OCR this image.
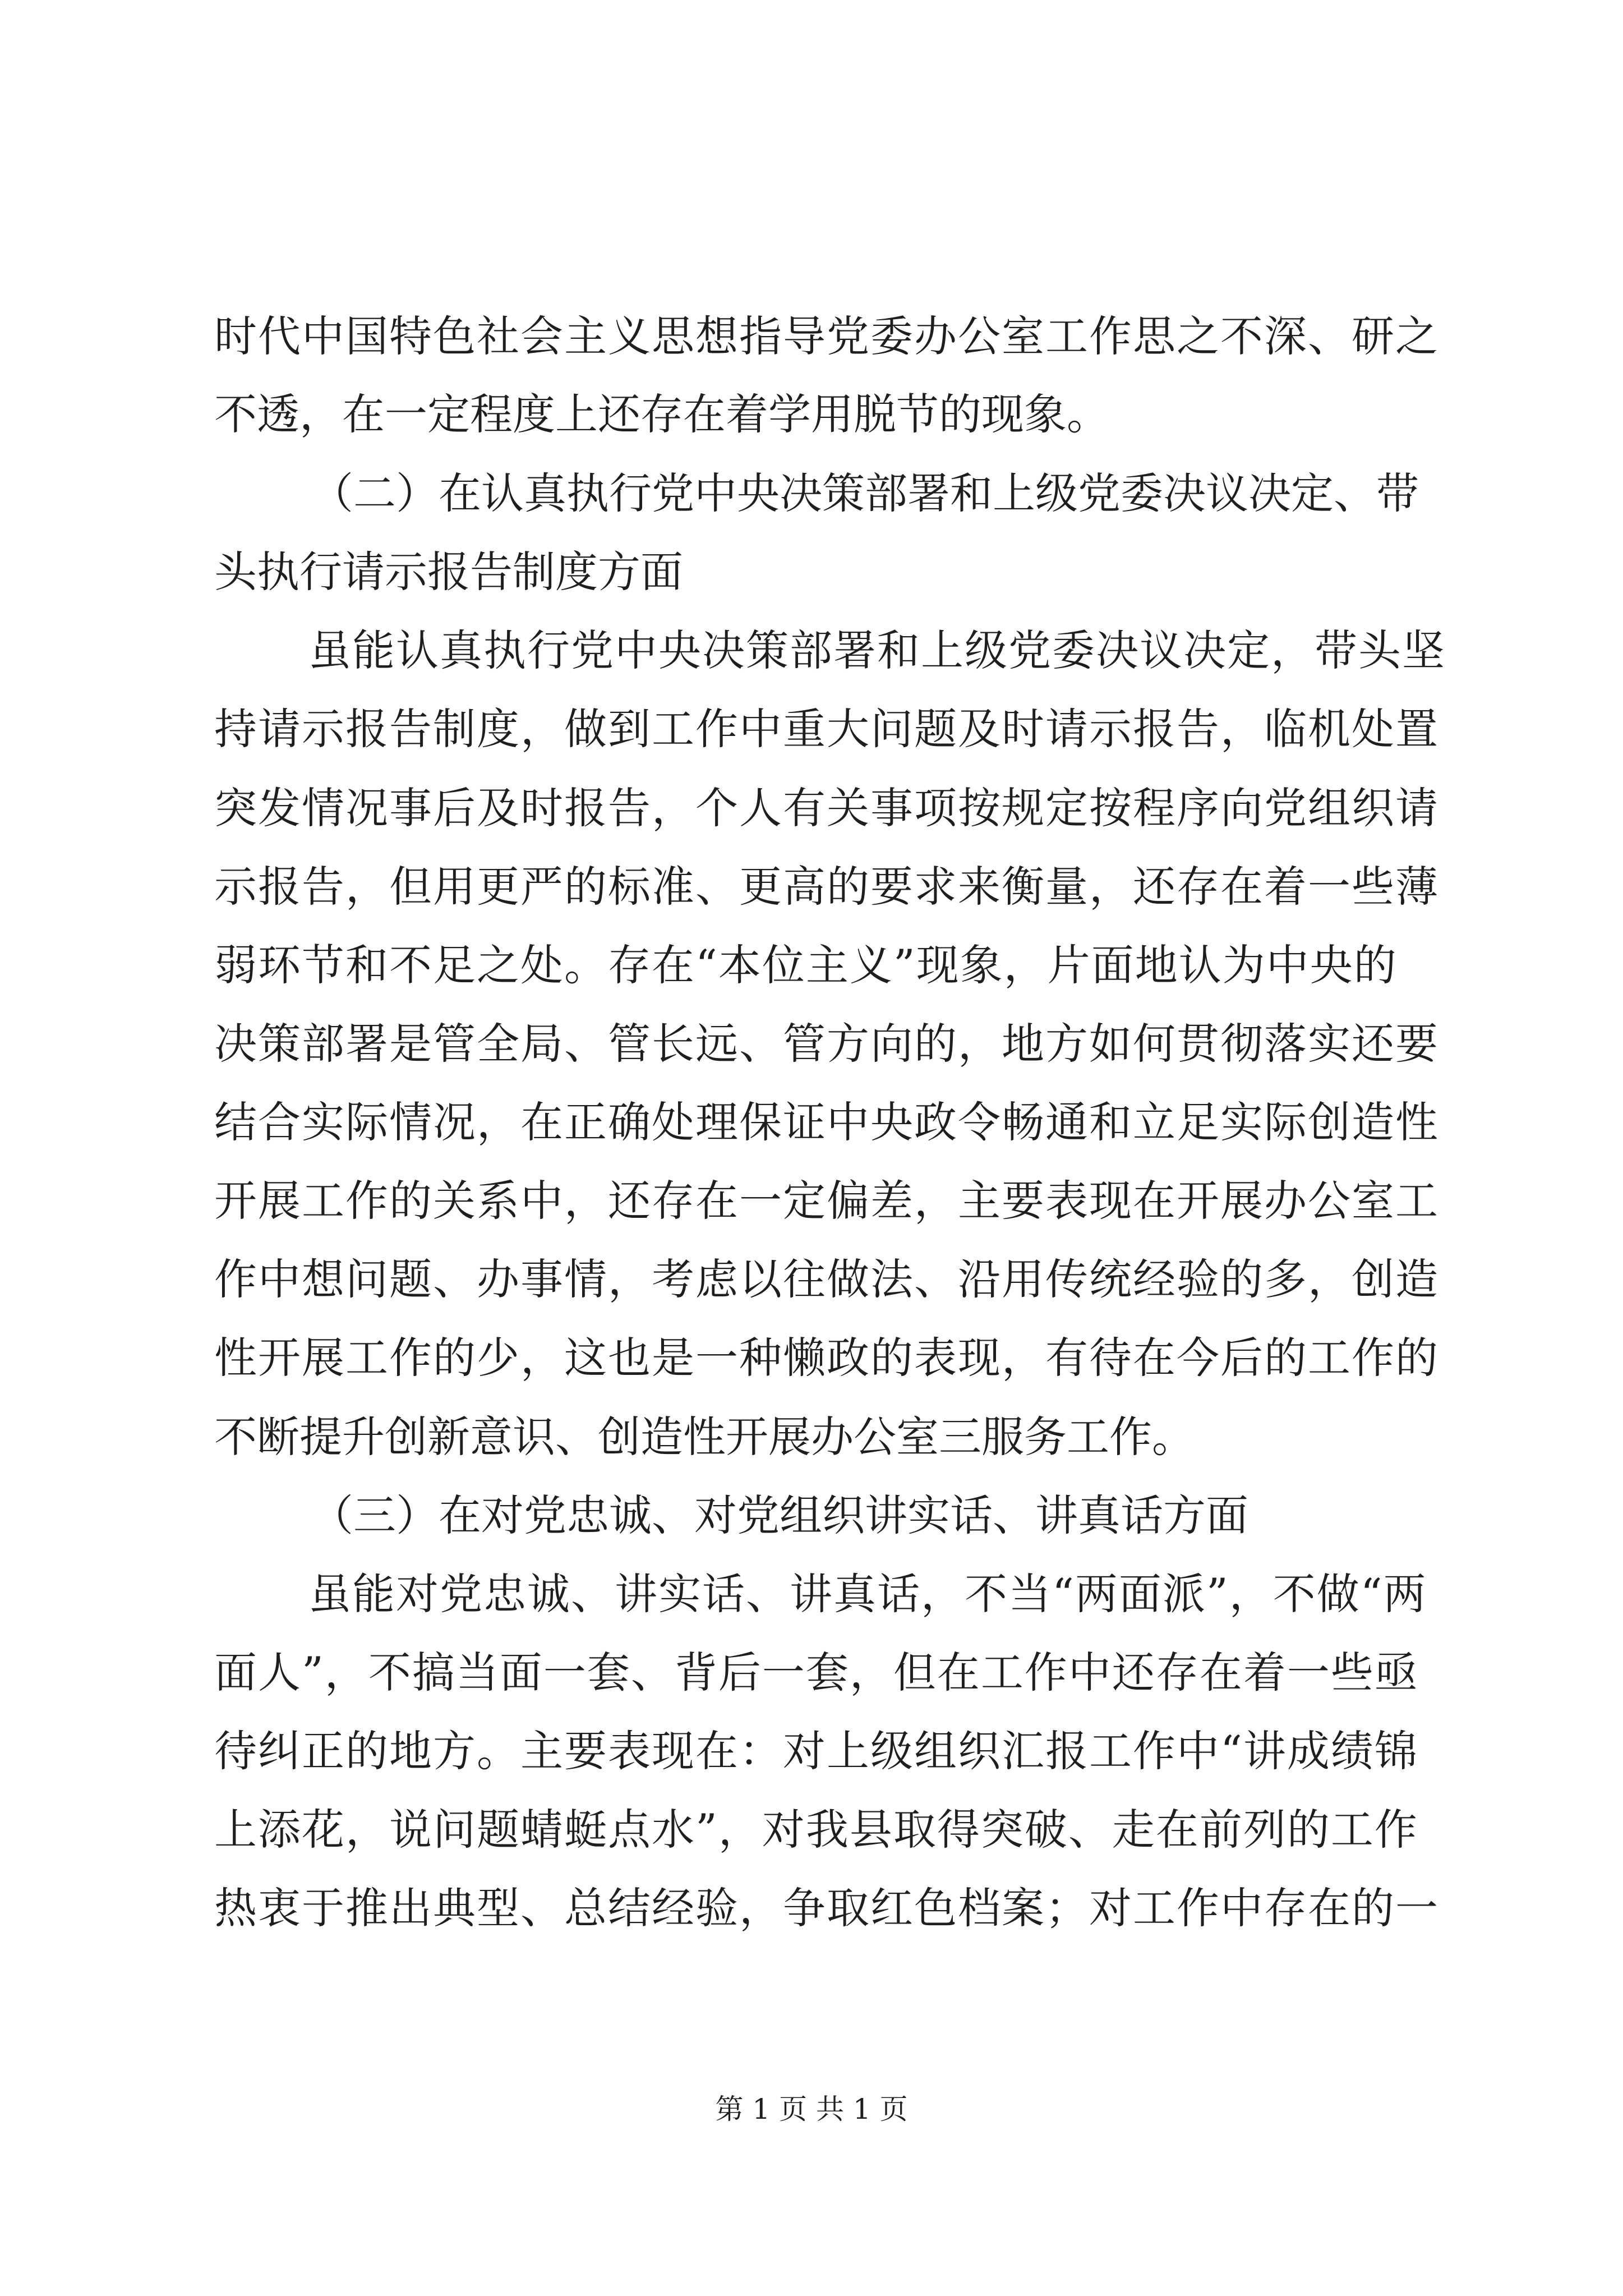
时代中国特色社会主义思想指导党委办公室工作思之不深、研之

不透，在一定程度上还存在着学用脱节的现象。

（二）在认真执行党中央决策部署和上级党委决议决定、带

头执行请示报告制度方面

虽能认真执行党中央决策部署和上级党委决议决定，带头坚

持请示报告制度，做到工作中重大问题及时请示报告，临机处置

突发情况事后及时报告，个人有关事项按规定按程序向党组织请

示报告，但用更严的标准、更高的要求来衡量，还存在着一些薄

弱环节和不足之处。存在“本位主义”现象，片面地认为中央的

决策部署是管全局、管长远、管方向的，地方如何贯彻落实还要

结合实际情况，在正确处理保证中央政令畅通和立足实际创造性

开展工作的关系中，还存在一定偏差，主要表现在开展办公室工

作中想问题、办事情，考虑以往做法、沿用传统经验的多，创造

性开展工作的少，这也是一种懒政的表现，有待在今后的工作的

不断提升创新意识、创造性开展办公室三服务工作。

（三）在对党忠诚、对党组织讲实话、讲真话方面

虽能对党忠诚、讲实话、讲真话，不当“两面派”，不做“两

面人”，不搞当面一套、背后一套，但在工作中还存在着一些亟

待纠正的地方。主要表现在：对上级组织汇报工作中“讲成绩锦

上添花，说问题蜻蜓点水”，对我县取得突破、走在前列的工作

热衷于推出典型、总结经验，争取红色档案；对工作中存在的一

第 1 页 共 1 页
